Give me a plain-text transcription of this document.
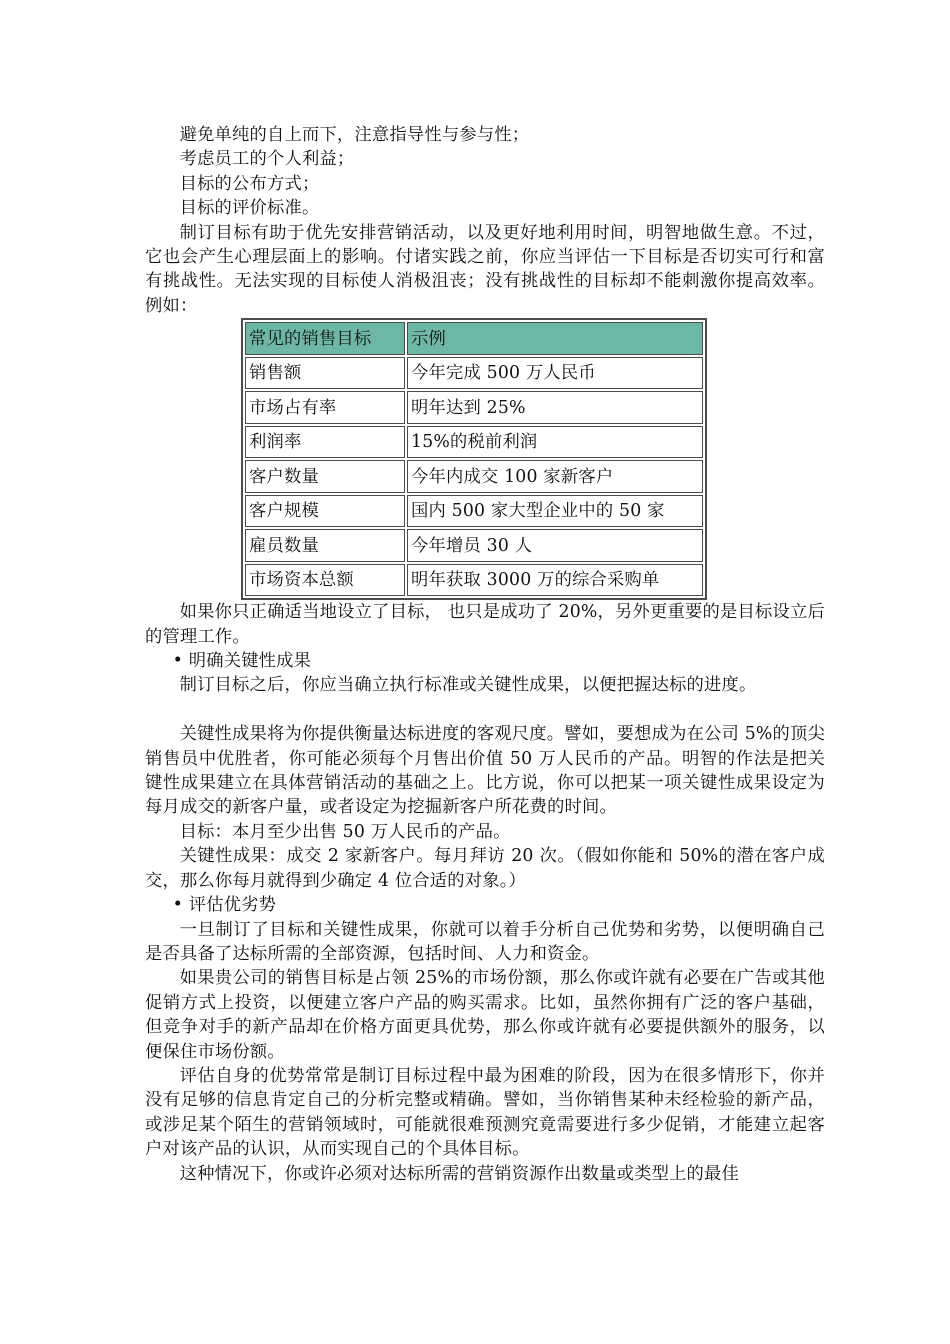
避免单纯的自上而下，注意指导性与参与性；

考虑员工的个人利益；

目标的公布方式；

目标的评价标准。

制订目标有助于优先安排营销活动，以及更好地利用时间，明智地做生意。不过，它也会产生心理层面上的影响。付诸实践之前，你应当评估一下目标是否切实可行和富有挑战性。无法实现的目标使人消极沮丧；没有挑战性的目标却不能刺激你提高效率。例如：

常见的销售目标	示例
销售额	今年完成 500 万人民币
市场占有率	明年达到 25%
利润率	15%的税前利润
客户数量	今年内成交 100 家新客户
客户规模	国内 500 家大型企业中的 50 家
雇员数量	今年增员 30 人
市场资本总额	明年获取 3000 万的综合采购单

如果你只正确适当地设立了目标， 也只是成功了 20%，另外更重要的是目标设立后的管理工作。

• 明确关键性成果

制订目标之后，你应当确立执行标准或关键性成果，以便把握达标的进度。

关键性成果将为你提供衡量达标进度的客观尺度。譬如，要想成为在公司 5%的顶尖销售员中优胜者，你可能必须每个月售出价值 50 万人民币的产品。明智的作法是把关键性成果建立在具体营销活动的基础之上。比方说，你可以把某一项关键性成果设定为每月成交的新客户量，或者设定为挖掘新客户所花费的时间。

目标：本月至少出售 50 万人民币的产品。

关键性成果：成交 2 家新客户。每月拜访 20 次。（假如你能和 50%的潜在客户成交，那么你每月就得到少确定 4 位合适的对象。）

• 评估优劣势

一旦制订了目标和关键性成果，你就可以着手分析自己优势和劣势，以便明确自己是否具备了达标所需的全部资源，包括时间、人力和资金。

如果贵公司的销售目标是占领 25%的市场份额，那么你或许就有必要在广告或其他促销方式上投资，以便建立客户产品的购买需求。比如，虽然你拥有广泛的客户基础，但竞争对手的新产品却在价格方面更具优势，那么你或许就有必要提供额外的服务，以便保住市场份额。

评估自身的优势常常是制订目标过程中最为困难的阶段，因为在很多情形下，你并没有足够的信息肯定自己的分析完整或精确。譬如，当你销售某种未经检验的新产品，或涉足某个陌生的营销领域时，可能就很难预测究竟需要进行多少促销，才能建立起客户对该产品的认识，从而实现自己的个具体目标。

这种情况下，你或许必须对达标所需的营销资源作出数量或类型上的最佳
